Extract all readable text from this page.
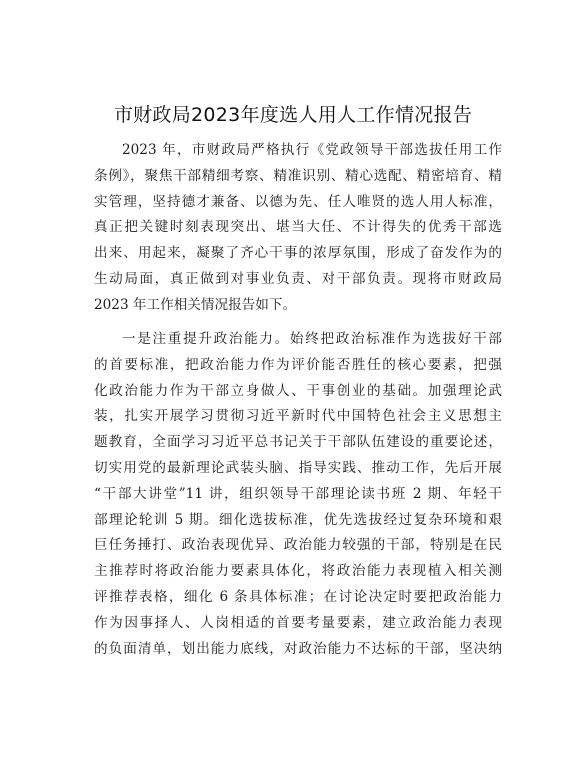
市财政局2023年度选人用人工作情况报告
2023 年，市财政局严格执行《党政领导干部选拔任用工作
条例》，聚焦干部精细考察、精准识别、精心选配、精密培育、精
实管理，坚持德才兼备、以德为先、任人唯贤的选人用人标准，
真正把关键时刻表现突出、堪当大任、不计得失的优秀干部选
出来、用起来，凝聚了齐心干事的浓厚氛围，形成了奋发作为的
生动局面，真正做到对事业负责、对干部负责。现将市财政局
2023 年工作相关情况报告如下。
一是注重提升政治能力。始终把政治标准作为选拔好干部
的首要标准，把政治能力作为评价能否胜任的核心要素，把强
化政治能力作为干部立身做人、干事创业的基础。加强理论武
装，扎实开展学习贯彻习近平新时代中国特色社会主义思想主
题教育，全面学习习近平总书记关于干部队伍建设的重要论述，
切实用党的最新理论武装头脑、指导实践、推动工作，先后开展
“干部大讲堂”11 讲，组织领导干部理论读书班 2 期、年轻干
部理论轮训 5 期。细化选拔标准，优先选拔经过复杂环境和艰
巨任务捶打、政治表现优异、政治能力较强的干部，特别是在民
主推荐时将政治能力要素具体化，将政治能力表现植入相关测
评推荐表格，细化 6 条具体标准；在讨论决定时要把政治能力
作为因事择人、人岗相适的首要考量要素，建立政治能力表现
的负面清单，划出能力底线，对政治能力不达标的干部，坚决纳
